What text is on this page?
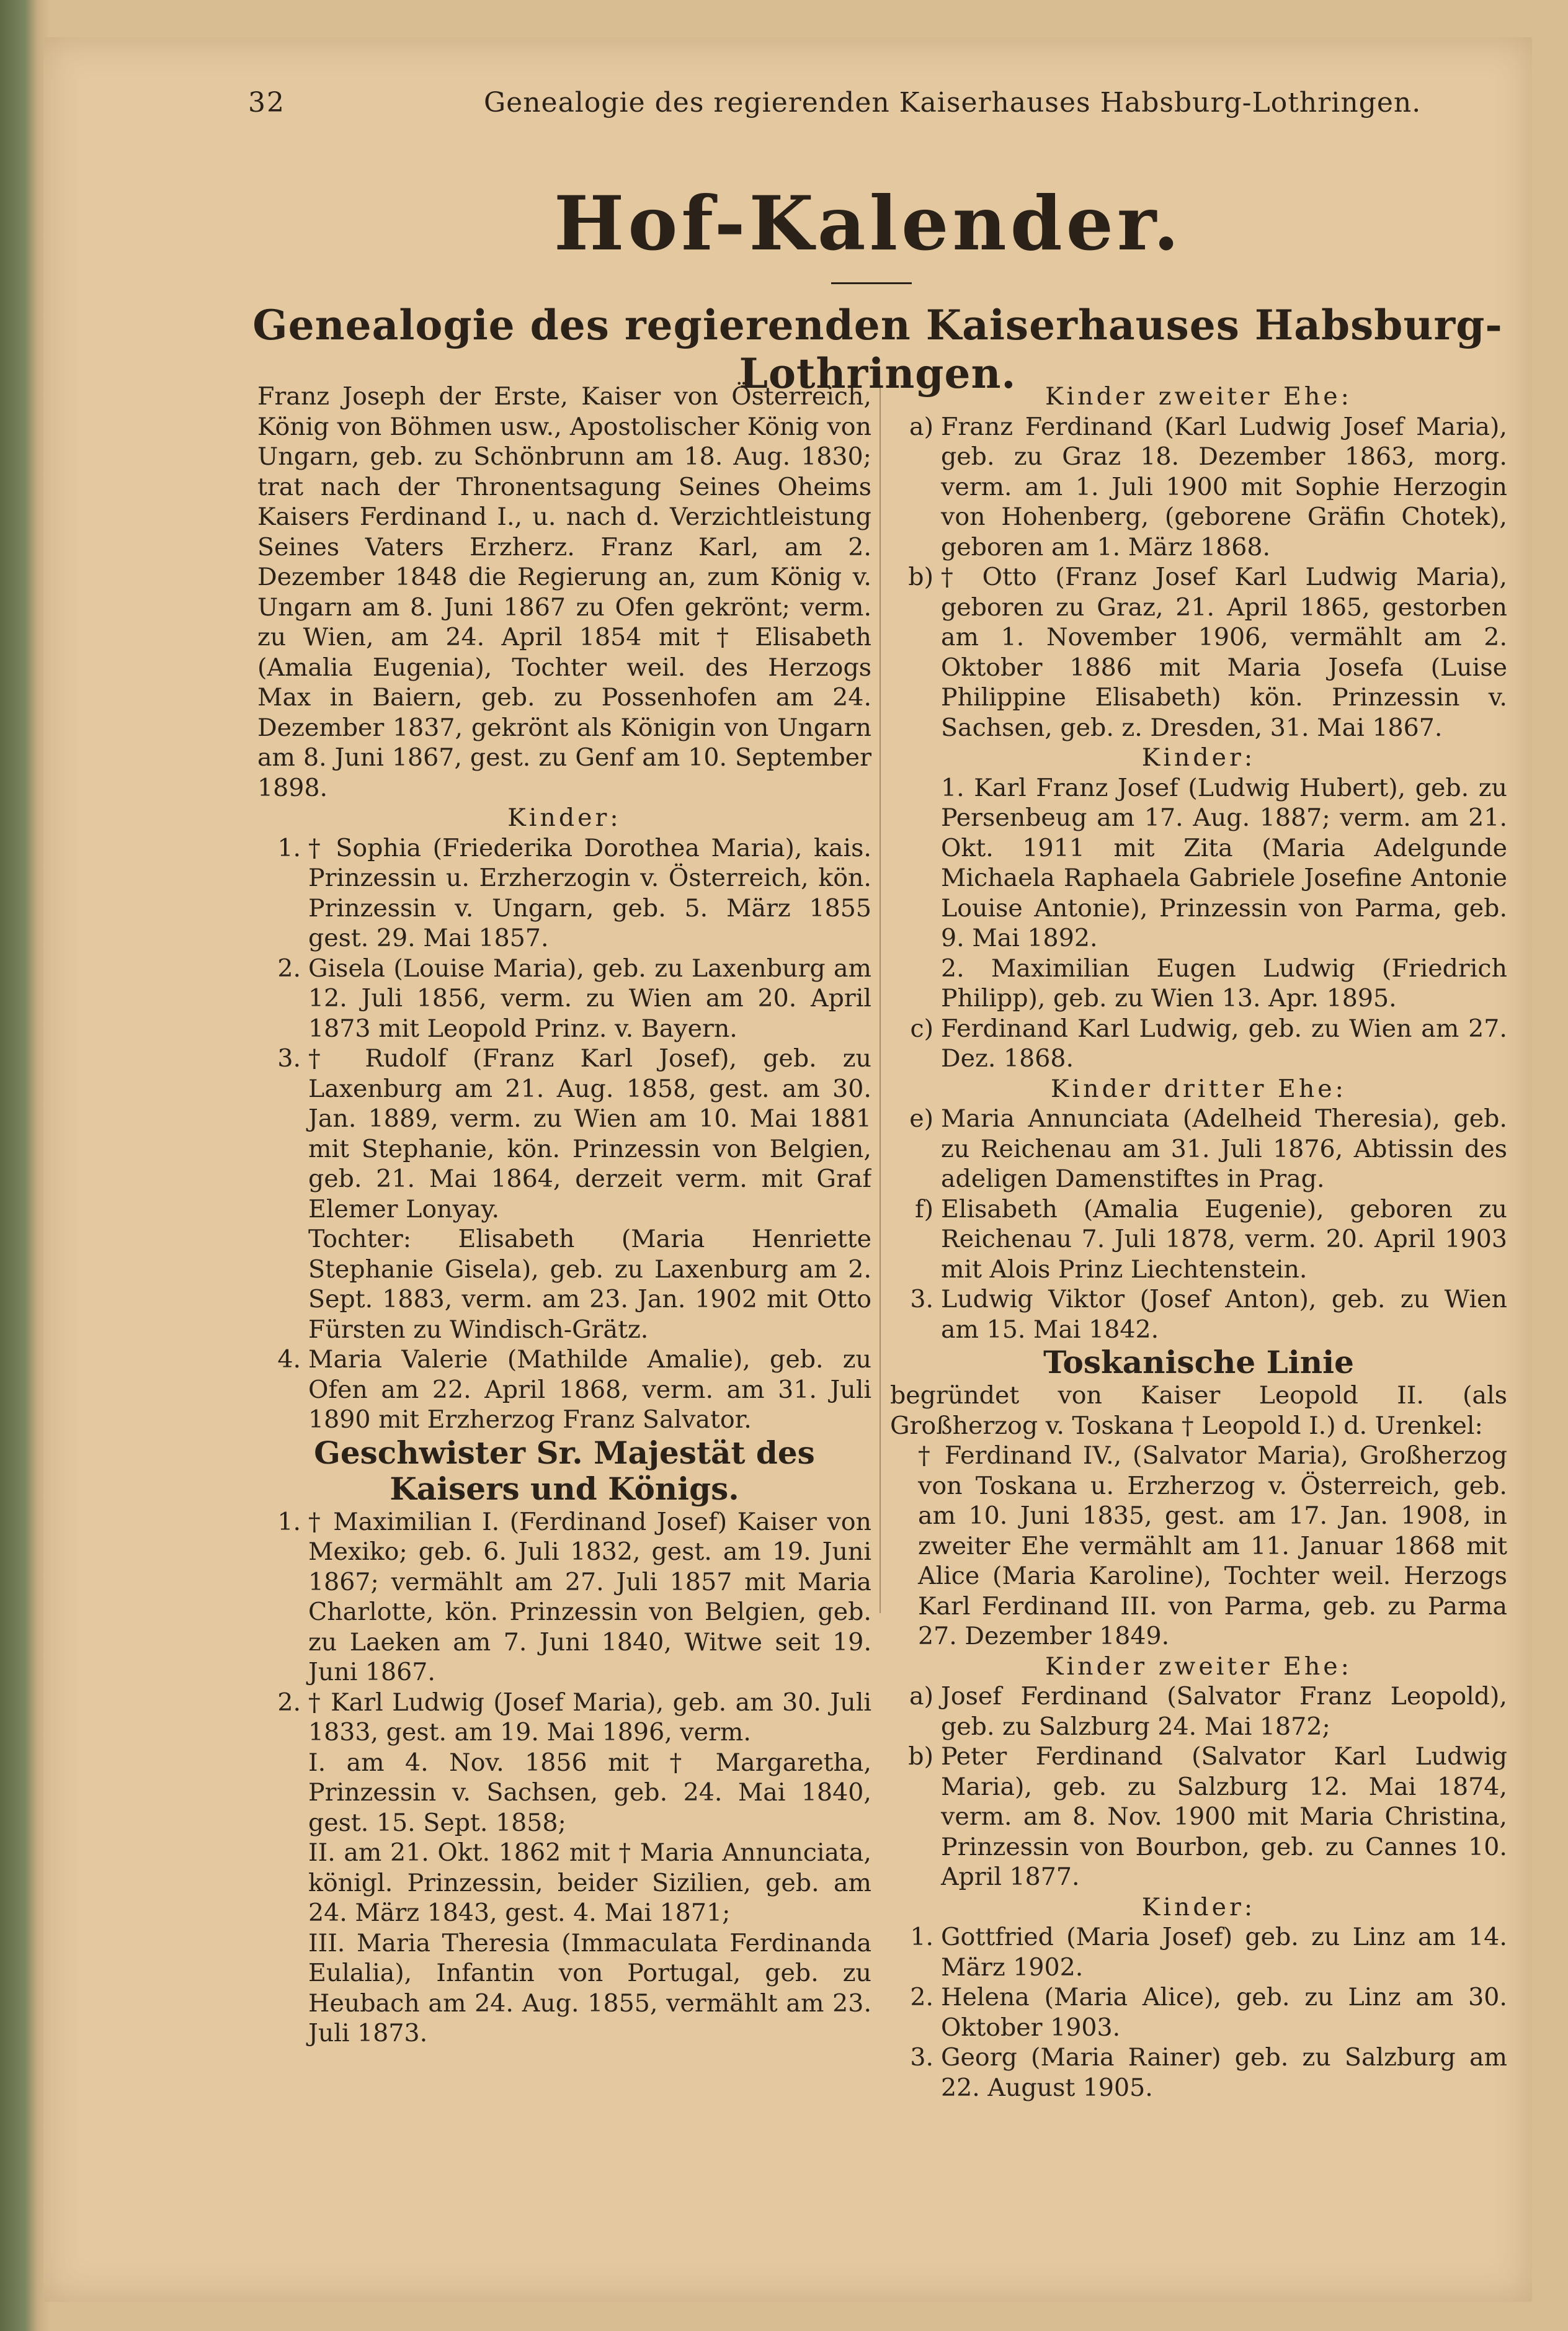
32	Genealogie des regierenden Kaiserhauses Habsburg-Lothringen.
Hof-Kalender.
Genealogie des regierenden Kaiserhauses Habsburg-Lothringen.

Franz Joseph der Erste, Kaiser von Österreich, König von Böhmen usw., Apostolischer König von Ungarn, geb. zu Schönbrunn am 18. Aug. 1830; trat nach der Thronentsagung Seines Oheims Kaisers Ferdinand I., u. nach d. Verzichtleistung Seines Vaters Erzherz. Franz Karl, am 2. Dezember 1848 die Regierung an, zum König v. Ungarn am 8. Juni 1867 zu Ofen gekrönt; verm. zu Wien, am 24. April 1854 mit † Elisabeth (Amalia Eugenia), Tochter weil. des Herzogs Max in Baiern, geb. zu Possenhofen am 24. Dezember 1837, gekrönt als Königin von Ungarn am 8. Juni 1867, gest. zu Genf am 10. September 1898.

Kinder:
1. † Sophia (Friederika Dorothea Maria), kais. Prinzessin u. Erzherzogin v. Österreich, kön. Prinzessin v. Ungarn, geb. 5. März 1855 gest. 29. Mai 1857.
2. Gisela (Louise Maria), geb. zu Laxenburg am 12. Juli 1856, verm. zu Wien am 20. April 1873 mit Leopold Prinz. v. Bayern.
3. † Rudolf (Franz Karl Josef), geb. zu Laxenburg am 21. Aug. 1858, gest. am 30. Jan. 1889, verm. zu Wien am 10. Mai 1881 mit Stephanie, kön. Prinzessin von Belgien, geb. 21. Mai 1864, derzeit verm. mit Graf Elemer Lonyay.
Tochter: Elisabeth (Maria Henriette Stephanie Gisela), geb. zu Laxenburg am 2. Sept. 1883, verm. am 23. Jan. 1902 mit Otto Fürsten zu Windisch-Grätz.
4. Maria Valerie (Mathilde Amalie), geb. zu Ofen am 22. April 1868, verm. am 31. Juli 1890 mit Erzherzog Franz Salvator.
Geschwister Sr. Majestät des Kaisers und Königs.
1. † Maximilian I. (Ferdinand Josef) Kaiser von Mexiko; geb. 6. Juli 1832, gest. am 19. Juni 1867; vermählt am 27. Juli 1857 mit Maria Charlotte, kön. Prinzessin von Belgien, geb. zu Laeken am 7. Juni 1840, Witwe seit 19. Juni 1867.
2. † Karl Ludwig (Josef Maria), geb. am 30. Juli 1833, gest. am 19. Mai 1896, verm.
I. am 4. Nov. 1856 mit † Margaretha, Prinzessin v. Sachsen, geb. 24. Mai 1840, gest. 15. Sept. 1858;
II. am 21. Okt. 1862 mit † Maria Annunciata, königl. Prinzessin, beider Sizilien, geb. am 24. März 1843, gest. 4. Mai 1871;
III. Maria Theresia (Immaculata Ferdinanda Eulalia), Infantin von Portugal, geb. zu Heubach am 24. Aug. 1855, vermählt am 23. Juli 1873.
Kinder zweiter Ehe:
a) Franz Ferdinand (Karl Ludwig Josef Maria), geb. zu Graz 18. Dezember 1863, morg. verm. am 1. Juli 1900 mit Sophie Herzogin von Hohenberg, (geborene Gräfin Chotek), geboren am 1. März 1868.
b) † Otto (Franz Josef Karl Ludwig Maria), geboren zu Graz, 21. April 1865, gestorben am 1. November 1906, vermählt am 2. Oktober 1886 mit Maria Josefa (Luise Philippine Elisabeth) kön. Prinzessin v. Sachsen, geb. z. Dresden, 31. Mai 1867.
Kinder:
1. Karl Franz Josef (Ludwig Hubert), geb. zu Persenbeug am 17. Aug. 1887; verm. am 21. Okt. 1911 mit Zita (Maria Adelgunde Michaela Raphaela Gabriele Josefine Antonie Louise Antonie), Prinzessin von Parma, geb. 9. Mai 1892.
2. Maximilian Eugen Ludwig (Friedrich Philipp), geb. zu Wien 13. Apr. 1895.
c) Ferdinand Karl Ludwig, geb. zu Wien am 27. Dez. 1868.
Kinder dritter Ehe:
e) Maria Annunciata (Adelheid Theresia), geb. zu Reichenau am 31. Juli 1876, Abtissin des adeligen Damenstiftes in Prag.
f) Elisabeth (Amalia Eugenie), geboren zu Reichenau 7. Juli 1878, verm. 20. April 1903 mit Alois Prinz Liechtenstein.
3. Ludwig Viktor (Josef Anton), geb. zu Wien am 15. Mai 1842.
Toskanische Linie

begründet von Kaiser Leopold II. (als Großherzog v. Toskana † Leopold I.) d. Urenkel:

† Ferdinand IV., (Salvator Maria), Großherzog von Toskana u. Erzherzog v. Österreich, geb. am 10. Juni 1835, gest. am 17. Jan. 1908, in zweiter Ehe vermählt am 11. Januar 1868 mit Alice (Maria Karoline), Tochter weil. Herzogs Karl Ferdinand III. von Parma, geb. zu Parma 27. Dezember 1849.

Kinder zweiter Ehe:
a) Josef Ferdinand (Salvator Franz Leopold), geb. zu Salzburg 24. Mai 1872;
b) Peter Ferdinand (Salvator Karl Ludwig Maria), geb. zu Salzburg 12. Mai 1874, verm. am 8. Nov. 1900 mit Maria Christina, Prinzessin von Bourbon, geb. zu Cannes 10. April 1877.
Kinder:
1. Gottfried (Maria Josef) geb. zu Linz am 14. März 1902.
2. Helena (Maria Alice), geb. zu Linz am 30. Oktober 1903.
3. Georg (Maria Rainer) geb. zu Salzburg am 22. August 1905.
